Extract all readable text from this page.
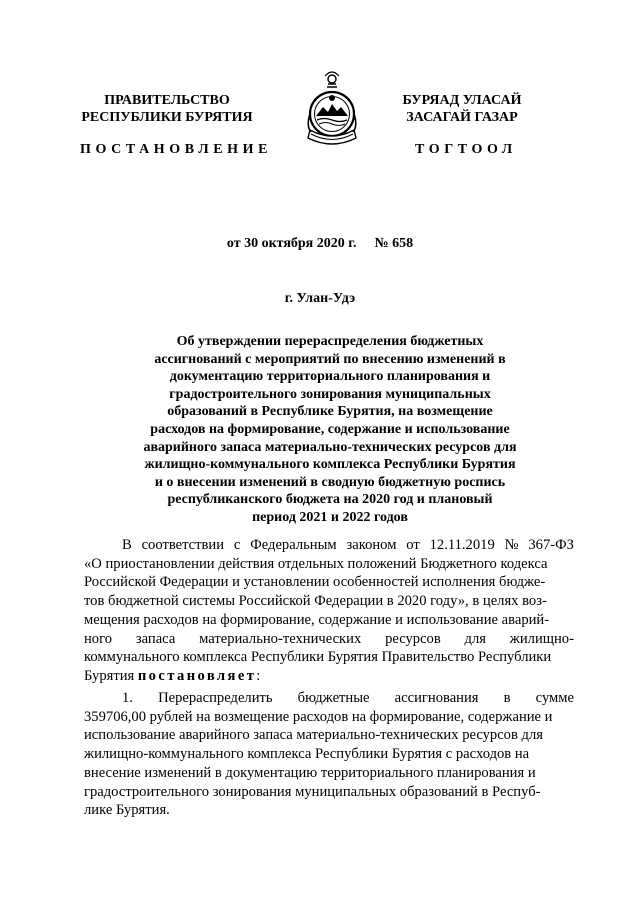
ПРАВИТЕЛЬСТВО
РЕСПУБЛИКИ БУРЯТИЯ
БУРЯАД УЛАСАЙ
ЗАСАГАЙ ГАЗАР
ПОСТАНОВЛЕНИЕ	ТОГТООЛ
от 30 октября 2020 г. № 658
г. Улан-Удэ
Об утверждении перераспределения бюджетных
ассигнований с мероприятий по внесению изменений в
документацию территориального планирования и
градостроительного зонирования муниципальных
образований в Республике Бурятия, на возмещение
расходов на формирование, содержание и использование
аварийного запаса материально-технических ресурсов для
жилищно-коммунального комплекса Республики Бурятия
и о внесении изменений в сводную бюджетную роспись
республиканского бюджета на 2020 год и плановый
период 2021 и 2022 годов
В соответствии с Федеральным законом от 12.11.2019 № 367-ФЗ
«О приостановлении действия отдельных положений Бюджетного кодекса
Российской Федерации и установлении особенностей исполнения бюдже-
тов бюджетной системы Российской Федерации в 2020 году», в целях воз-
мещения расходов на формирование, содержание и использование аварий-
ного запаса материально-технических ресурсов для жилищно-
коммунального комплекса Республики Бурятия Правительство Республики
Бурятия постановляет:
1. Перераспределить бюджетные ассигнования в сумме
359706,00 рублей на возмещение расходов на формирование, содержание и
использование аварийного запаса материально-технических ресурсов для
жилищно-коммунального комплекса Республики Бурятия с расходов на
внесение изменений в документацию территориального планирования и
градостроительного зонирования муниципальных образований в Респуб-
лике Бурятия.
